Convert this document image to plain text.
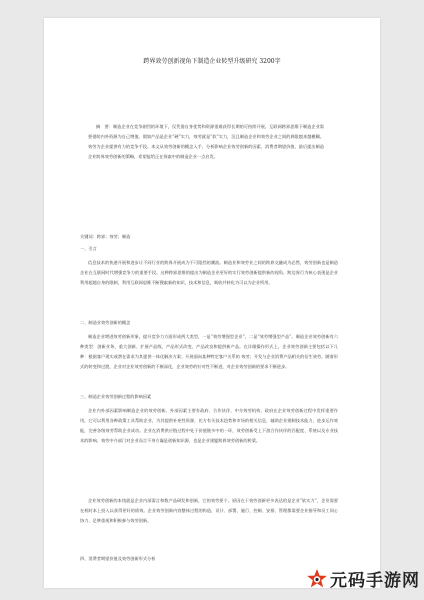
跨界效劳创新视角下制造企业转型升级研究 3200字
摘　要：制造企业在竞争剧烈的环境下，仅凭借自身优势和资源很难获得长期的可持续开展。互联网跨界思维下制造企业需要借助内外资源为自己增值。假如产品是企业“硬”实力，效劳就是“软”实力，沉且制造企业和效劳企业之间的界限越来越模糊。效劳为企业提供有力的竞争手段。本文从效劳创新的概念入手，分析影响企业效劳创新的因素、消费者期望价值，最后提出制造企业跨界效劳创新的策略，希望能给正在探索中的制造企业一点启发。
关键词：跨界；效劳；制造
一、引言
信息技术的快速开展和进步让不同行业的跨界开展成为不可阻挡的潮流。制造业和效劳业之间的跨界交融成为必然，效劳创新也是制造企业在互联网时代增强竞争力的重要手段。这种跨界思维的提出为制造企业更好的实行效劳创新提供新的视角。跨边界行为核心表现是企业利用超越自身的限制，利用互联网思维不断搜索新的知识、技术和信息，吸收并转化为可以为企业所用。
二、制造业效劳创新的概念
制造企业增进效劳创新形象，提升竞争力方面形成两大类型，一是“效劳增强型企业”，二是“效劳增强型产品”。制造企业效劳创新有六种类型：创新业务、重大创新、扩展产品线、产品形式改变、产品改良和提供新产品。在详细操作形式上，企业效劳创新主要包括以下几种：根据客户现实或潜在需求为其提供一体化解决方案；开展面向某种特定客户关系的 效劳；开发与企业消费产品相关的衍生效劳。随着形式的转变和过渡，企业对企业效劳创新的不断深化，企业效劳的针对性不断进，对企业效劳创新的要求不断进步。
三、制造企业效劳创新过程的影响因素
企业内外部因素影响制造企业的效劳创新。外部因素主要有政府、合作伙伴、中介效劳机构、政府在企业效劳创新过程中发挥重要作用，它可以利用各种政策工具帮助企业，为其提供补充性资源，比方有关技术趋势和市场的相关信息，辅助企业建制技术能力，进步运作效能，完善各级效劳帮助企业成功。企业在消费供应链过程中处于价值链多中的一环，效劳创新受上下游合作伙伴的匹配度、系统以及专业技术的影响。效劳中介部门对企业而言不身方凝是创新知识源，也是企业建厦跨界效劳创新的桥梁。
企业效劳创新的本钱就是企业内部需言和数产品研发和创新，它的效劳要个。原因在于效劳创新更多表达的是企业“软实力”，企业需要在机时本上投入以获得更好的绩效。企业效劳创新内容整体过程的构造，设计、部署、施行、控制、安排、管理都需要企业指导和员工同心协力、足够重视和积极参与效劳创新。
四、消费者期望价值及效劳创新形式分析
元码手游网
